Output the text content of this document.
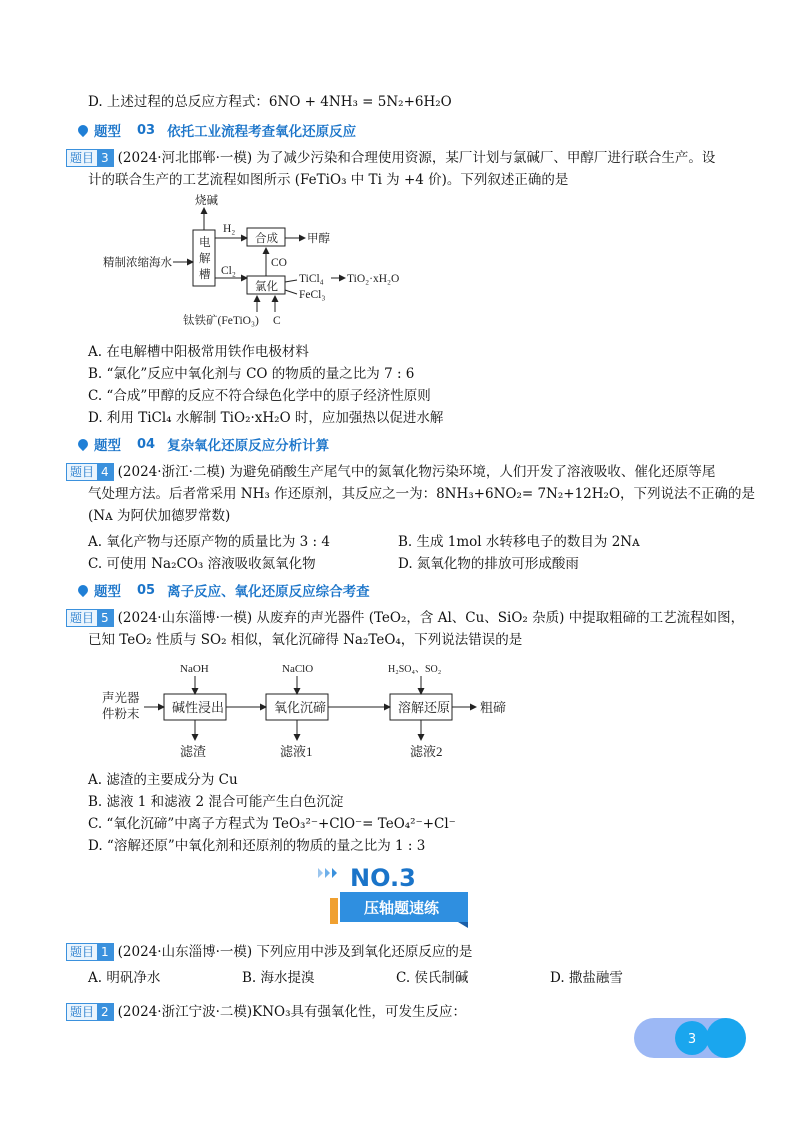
D. 上述过程的总反应方程式：6NO + 4NH₃ = 5N₂+6H₂O
题型 03 依托工业流程考查氧化还原反应
题目 3 (2024·河北邯郸·一模) 为了减少污染和合理使用资源，某厂计划与氯碱厂、甲醇厂进行联合生产。设
计的联合生产的工艺流程如图所示 (FeTiO₃ 中 Ti 为 +4 价)。下列叙述正确的是
烧碱
精制浓缩海水
电
解
槽
H₂
Cl₂
合成	甲醇
CO
氯化
TiCl₄ TiO₂·xH₂O
FeCl₃
钛铁矿(FeTiO₃) C
A. 在电解槽中阳极常用铁作电极材料
B. “氯化”反应中氧化剂与 CO 的物质的量之比为 7 : 6
C. “合成”甲醇的反应不符合绿色化学中的原子经济性原则
D. 利用 TiCl₄ 水解制 TiO₂·xH₂O 时，应加强热以促进水解
题型 04 复杂氧化还原反应分析计算
题目 4 (2024·浙江·二模) 为避免硝酸生产尾气中的氮氧化物污染环境，人们开发了溶液吸收、催化还原等尾
气处理方法。后者常采用 NH₃ 作还原剂，其反应之一为：8NH₃+6NO₂= 7N₂+12H₂O，下列说法不正确的是
(Nᴀ 为阿伏加德罗常数)
A. 氧化产物与还原产物的质量比为 3 : 4	B. 生成 1mol 水转移电子的数目为 2Nᴀ
C. 可使用 Na₂CO₃ 溶液吸收氮氧化物	D. 氮氧化物的排放可形成酸雨
题型 05 离子反应、氧化还原反应综合考查
题目 5 (2024·山东淄博·一模) 从废弃的声光器件 (TeO₂，含 Al、Cu、SiO₂ 杂质) 中提取粗碲的工艺流程如图，
已知 TeO₂ 性质与 SO₂ 相似，氧化沉碲得 Na₂TeO₄，下列说法错误的是
NaOH	NaClO	H₂SO₄、SO₂
声光器
件粉末 碱性浸出	氧化沉碲	溶解还原 粗碲
滤渣	滤液1	滤液2
A. 滤渣的主要成分为 Cu
B. 滤液 1 和滤液 2 混合可能产生白色沉淀
C. “氧化沉碲”中离子方程式为 TeO₃²⁻+ClO⁻= TeO₄²⁻+Cl⁻
D. “溶解还原”中氧化剂和还原剂的物质的量之比为 1 : 3
NO.3
压轴题速练
题目 1 (2024·山东淄博·一模) 下列应用中涉及到氧化还原反应的是
A. 明矾净水	B. 海水提溴	C. 侯氏制碱	D. 撒盐融雪
题目 2 (2024·浙江宁波·二模)KNO₃具有强氧化性，可发生反应：
3
